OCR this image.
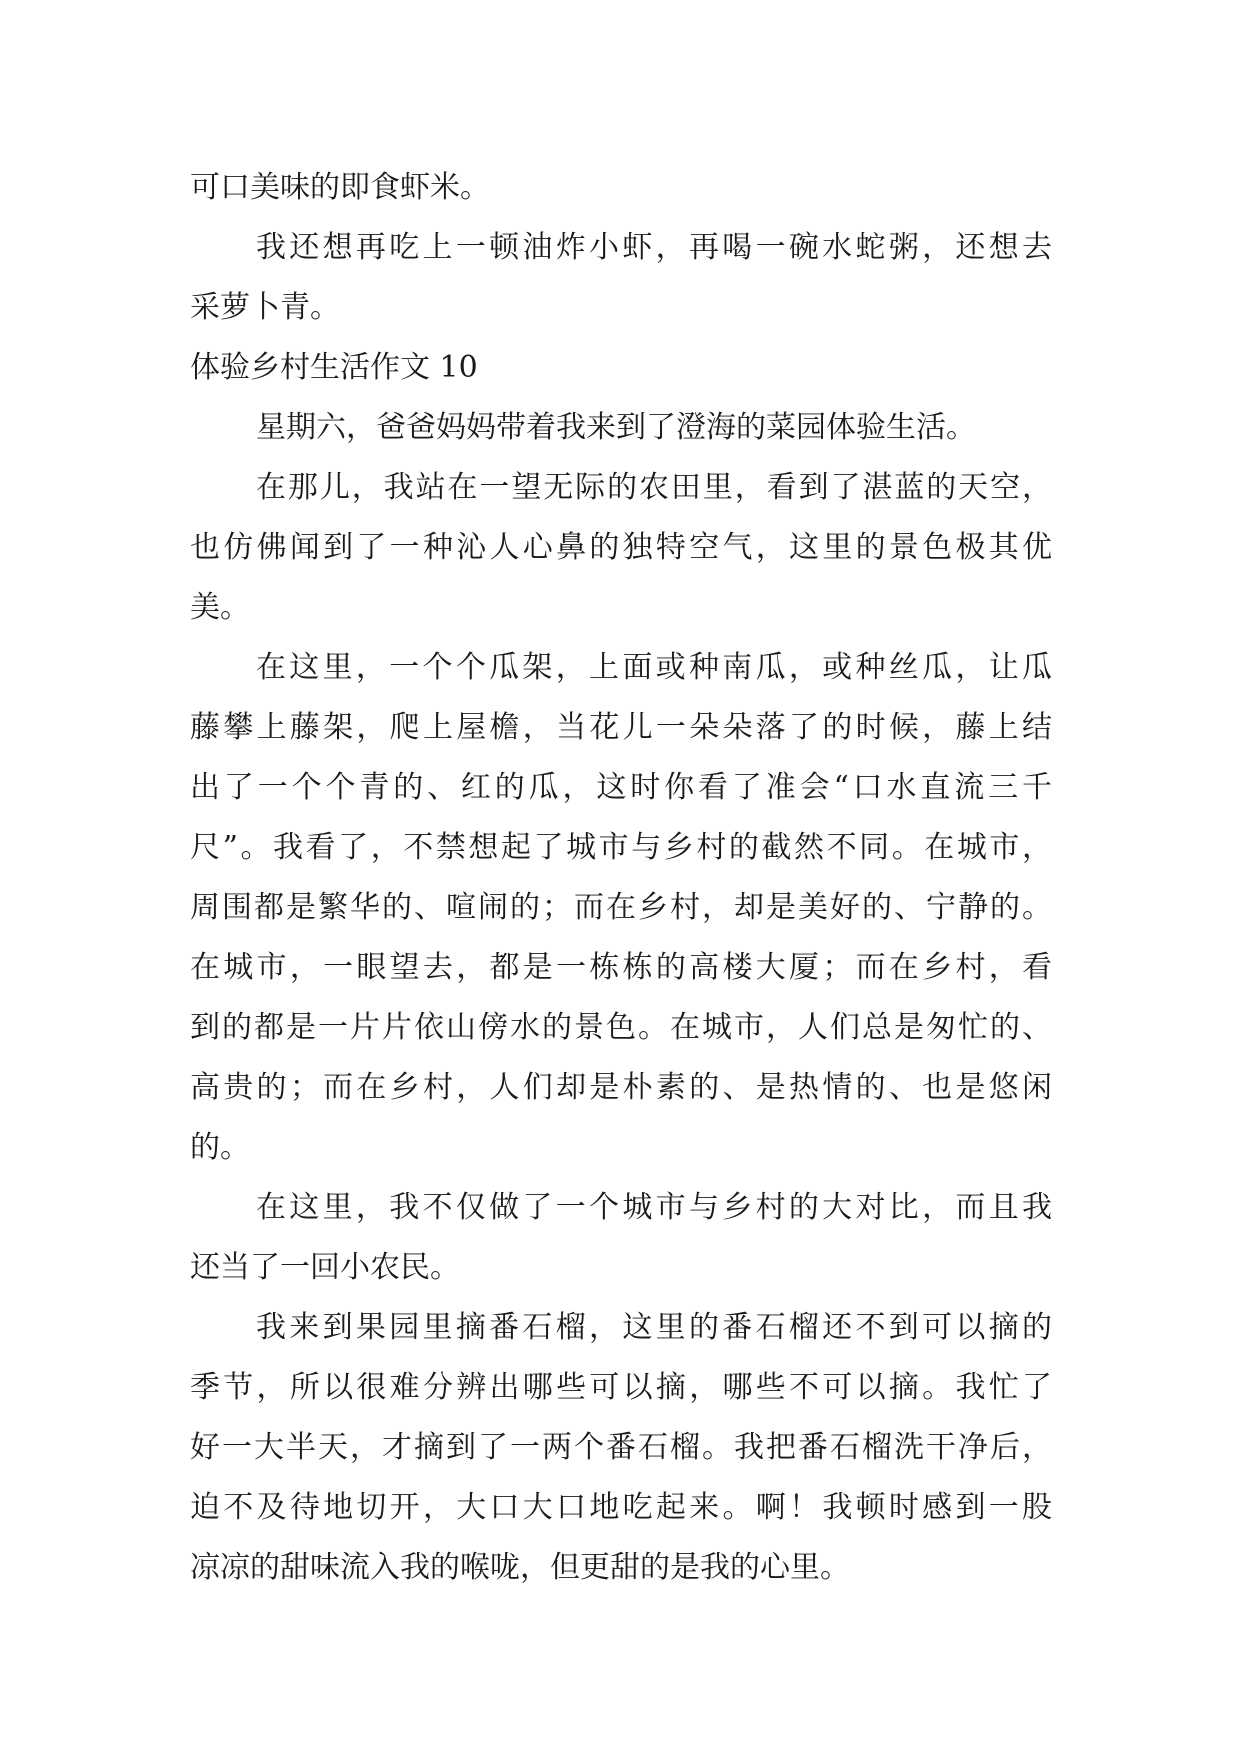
可口美味的即食虾米。
我还想再吃上一顿油炸小虾，再喝一碗水蛇粥，还想去
采萝卜青。
体验乡村生活作文 10
星期六，爸爸妈妈带着我来到了澄海的菜园体验生活。
在那儿，我站在一望无际的农田里，看到了湛蓝的天空，
也仿佛闻到了一种沁人心鼻的独特空气，这里的景色极其优
美。
在这里，一个个瓜架，上面或种南瓜，或种丝瓜，让瓜
藤攀上藤架，爬上屋檐，当花儿一朵朵落了的时候，藤上结
出了一个个青的、红的瓜，这时你看了准会“口水直流三千
尺”。我看了，不禁想起了城市与乡村的截然不同。在城市，
周围都是繁华的、喧闹的；而在乡村，却是美好的、宁静的。
在城市，一眼望去，都是一栋栋的高楼大厦；而在乡村，看
到的都是一片片依山傍水的景色。在城市，人们总是匆忙的、
高贵的；而在乡村，人们却是朴素的、是热情的、也是悠闲
的。
在这里，我不仅做了一个城市与乡村的大对比，而且我
还当了一回小农民。
我来到果园里摘番石榴，这里的番石榴还不到可以摘的
季节，所以很难分辨出哪些可以摘，哪些不可以摘。我忙了
好一大半天，才摘到了一两个番石榴。我把番石榴洗干净后，
迫不及待地切开，大口大口地吃起来。啊！我顿时感到一股
凉凉的甜味流入我的喉咙，但更甜的是我的心里。
